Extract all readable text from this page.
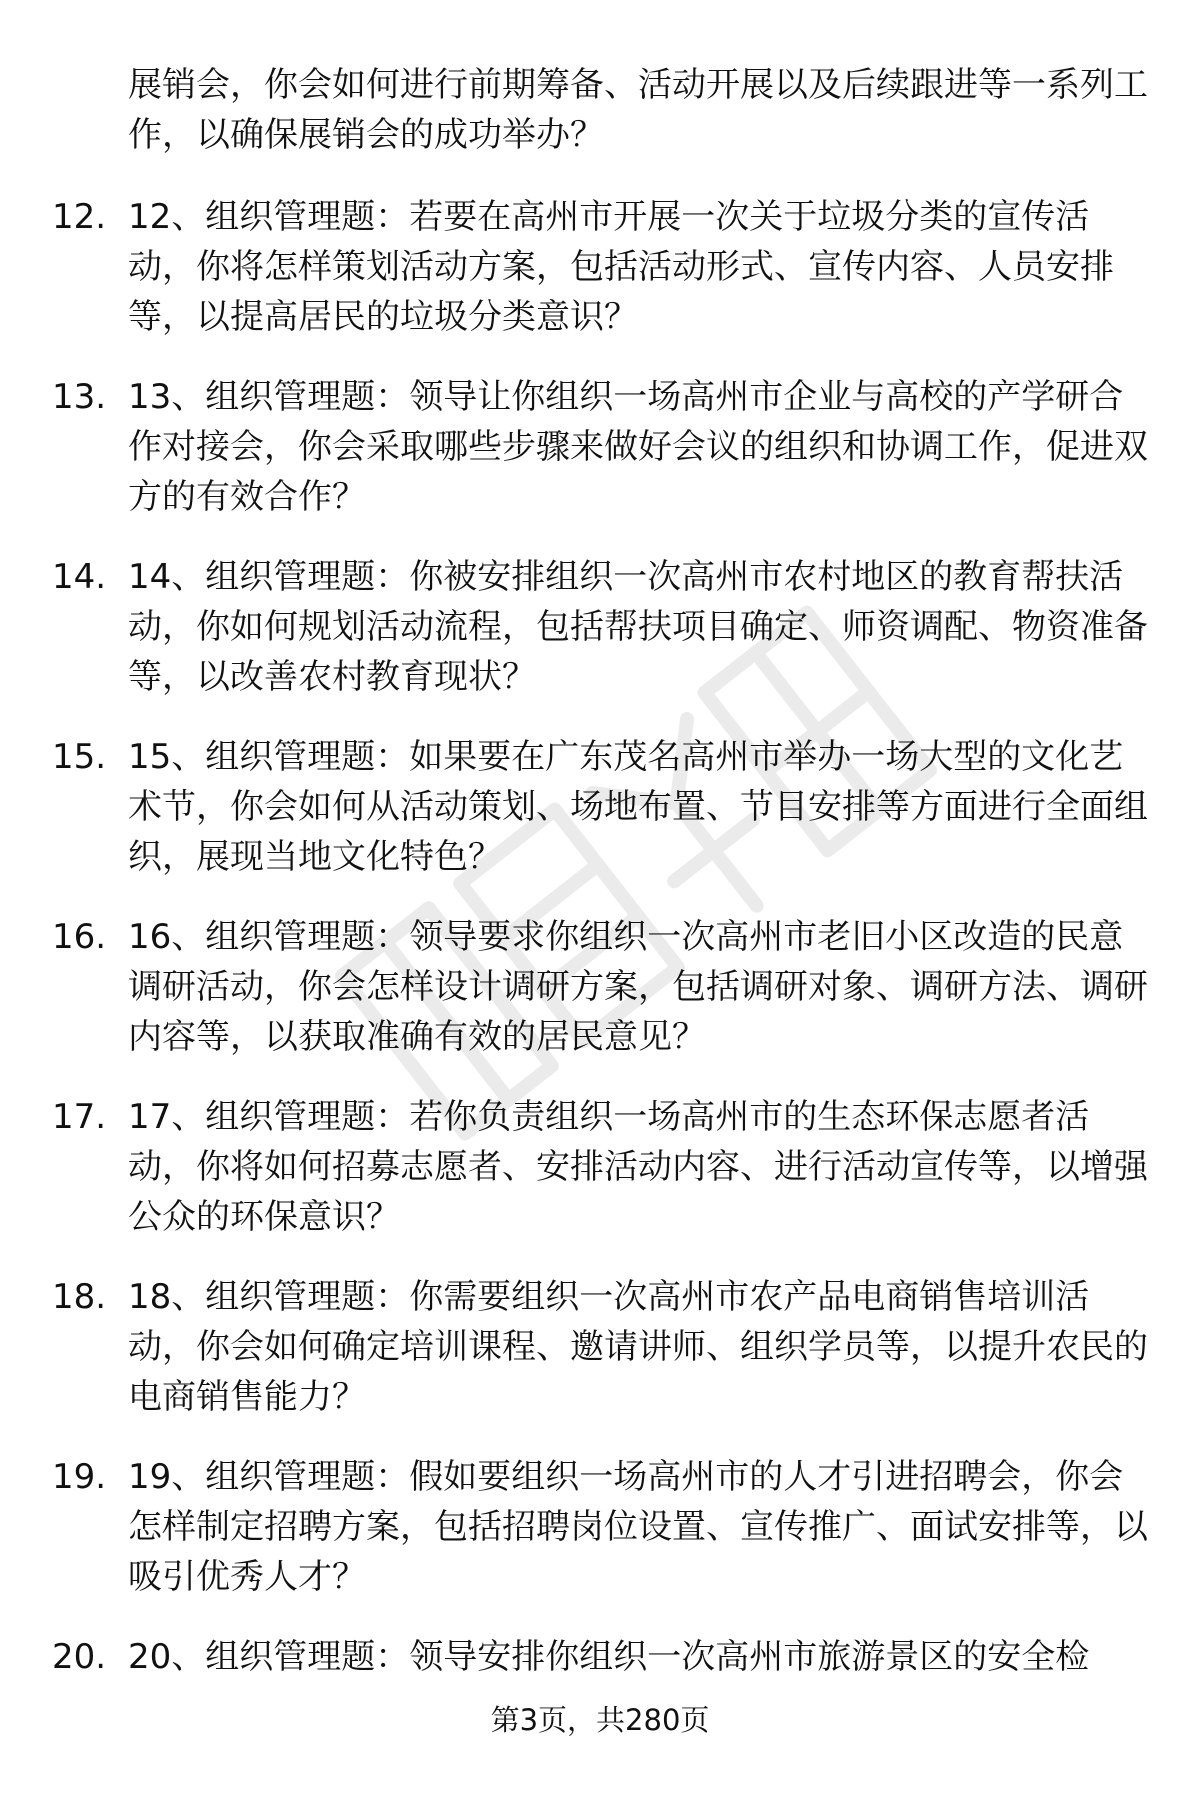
展销会，你会如何进行前期筹备、活动开展以及后续跟进等一系列工作，以确保展销会的成功举办？

12. 12、组织管理题：若要在高州市开展一次关于垃圾分类的宣传活动，你将怎样策划活动方案，包括活动形式、宣传内容、人员安排等，以提高居民的垃圾分类意识？

13. 13、组织管理题：领导让你组织一场高州市企业与高校的产学研合作对接会，你会采取哪些步骤来做好会议的组织和协调工作，促进双方的有效合作？

14. 14、组织管理题：你被安排组织一次高州市农村地区的教育帮扶活动，你如何规划活动流程，包括帮扶项目确定、师资调配、物资准备等，以改善农村教育现状？

15. 15、组织管理题：如果要在广东茂名高州市举办一场大型的文化艺术节，你会如何从活动策划、场地布置、节目安排等方面进行全面组织，展现当地文化特色？

16. 16、组织管理题：领导要求你组织一次高州市老旧小区改造的民意调研活动，你会怎样设计调研方案，包括调研对象、调研方法、调研内容等，以获取准确有效的居民意见？

17. 17、组织管理题：若你负责组织一场高州市的生态环保志愿者活动，你将如何招募志愿者、安排活动内容、进行活动宣传等，以增强公众的环保意识？

18. 18、组织管理题：你需要组织一次高州市农产品电商销售培训活动，你会如何确定培训课程、邀请讲师、组织学员等，以提升农民的电商销售能力？

19. 19、组织管理题：假如要组织一场高州市的人才引进招聘会，你会怎样制定招聘方案，包括招聘岗位设置、宣传推广、面试安排等，以吸引优秀人才？

20. 20、组织管理题：领导安排你组织一次高州市旅游景区的安全检

第3页，共280页
